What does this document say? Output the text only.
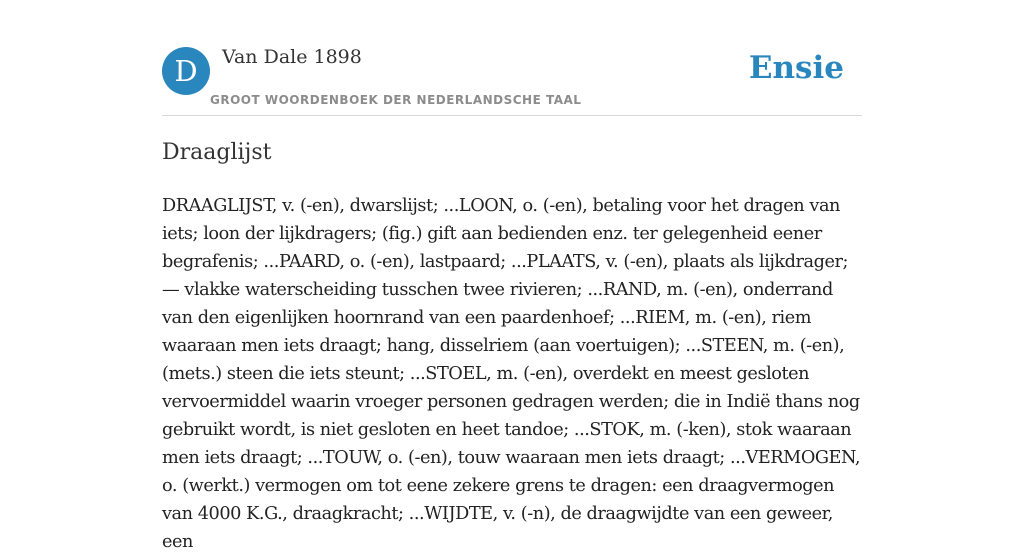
D	Van Dale 1898
GROOT WOORDENBOEK DER NEDERLANDSCHE TAAL
Ensie
Draaglijst

DRAAGLIJST, v. (-en), dwarslijst; ...LOON, o. (-en), betaling voor het dragen van iets; loon der lijkdragers; (fig.) gift aan bedienden enz. ter gelegenheid eener begrafenis; ...PAARD, o. (-en), lastpaard; ...PLAATS, v. (-en), plaats als lijkdrager; — vlakke waterscheiding tusschen twee rivieren; ...RAND, m. (-en), onderrand van den eigenlijken hoornrand van een paardenhoef; ...RIEM, m. (-en), riem waaraan men iets draagt; hang, disselriem (aan voertuigen); ...STEEN, m. (-en), (mets.) steen die iets steunt; ...STOEL, m. (-en), overdekt en meest gesloten vervoermiddel waarin vroeger personen gedragen werden; die in Indië thans nog gebruikt wordt, is niet gesloten en heet tandoe; ...STOK, m. (-ken), stok waaraan men iets draagt; ...TOUW, o. (-en), touw waaraan men iets draagt; ...VERMOGEN, o. (werkt.) vermogen om tot eene zekere grens te dragen: een draagvermogen van 4000 K.G., draagkracht; ...WIJDTE, v. (-n), de draagwijdte van een geweer, een
